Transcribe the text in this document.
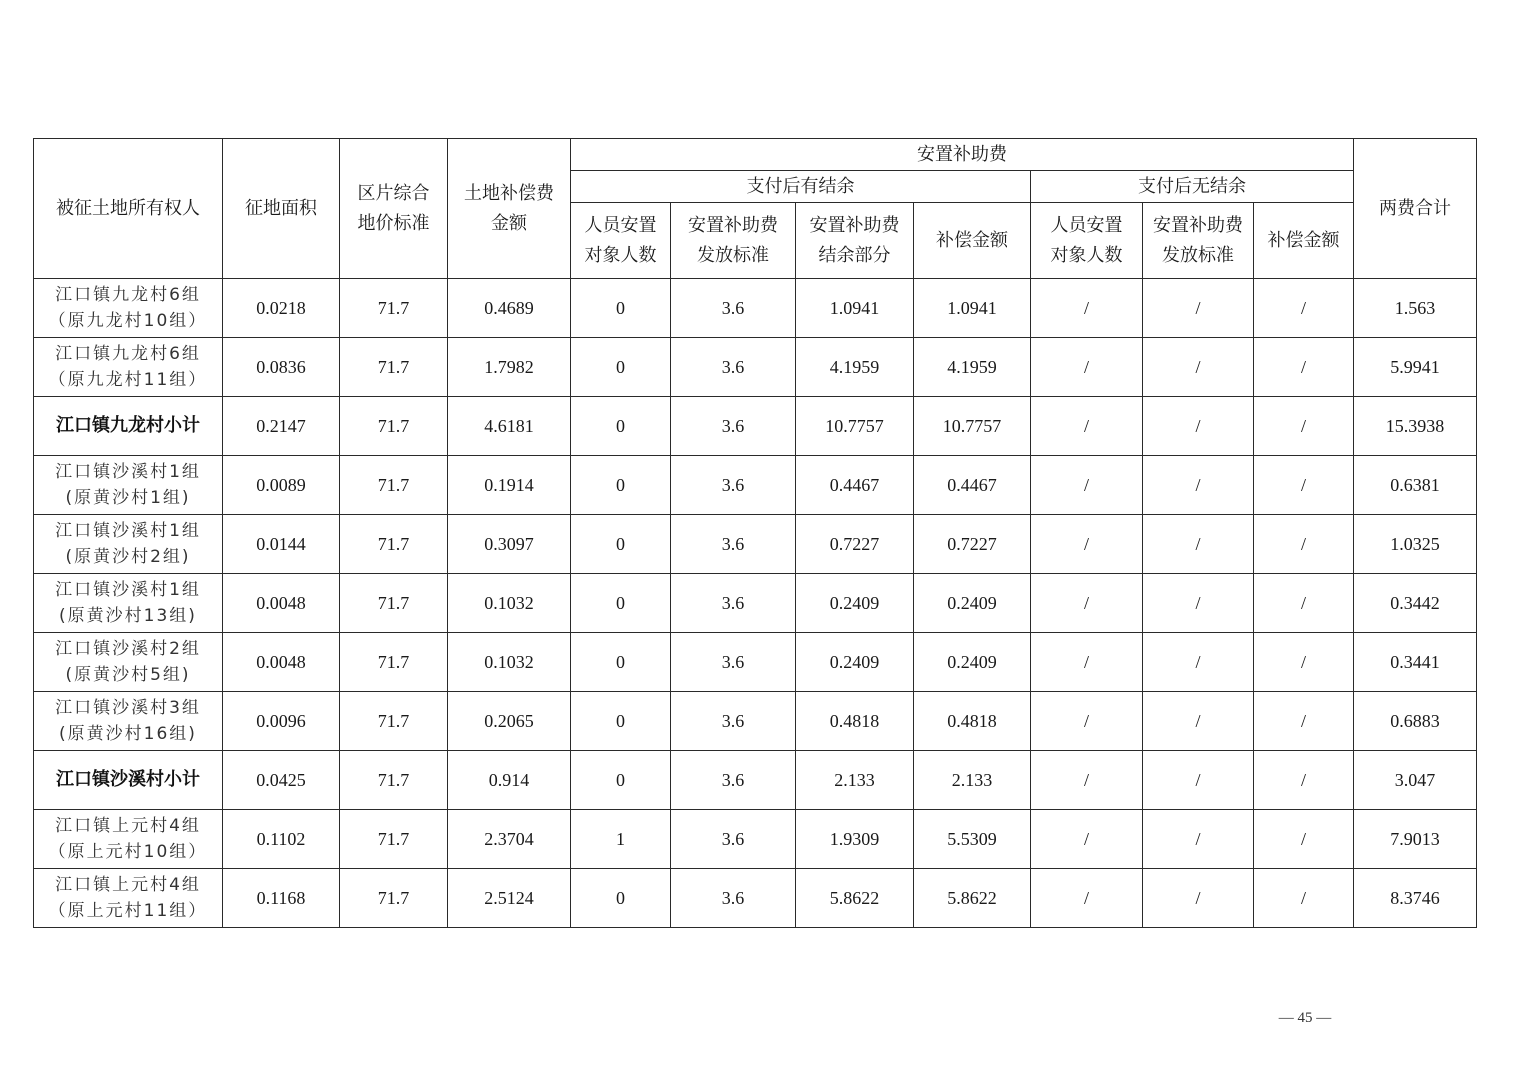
被征土地所有权人	征地面积	区片综合地价标准	土地补偿费金额	安置补助费							两费合计
				支付后有结余				支付后无结余			

				人员安置对象人数	安置补助费发放标准	安置补助费结余部分	补偿金额	人员安置对象人数	安置补助费发放标准	补偿金额	

江口镇九龙村6组
（原九龙村10组）	0.0218	71.7	0.4689	0	3.6	1.0941	1.0941	/	/	/	1.563

江口镇九龙村6组
（原九龙村11组）	0.0836	71.7	1.7982	0	3.6	4.1959	4.1959	/	/	/	5.9941

江口镇九龙村小计	0.2147	71.7	4.6181	0	3.6	10.7757	10.7757	/	/	/	15.3938

江口镇沙溪村1组
(原黄沙村1组)	0.0089	71.7	0.1914	0	3.6	0.4467	0.4467	/	/	/	0.6381

江口镇沙溪村1组
(原黄沙村2组)	0.0144	71.7	0.3097	0	3.6	0.7227	0.7227	/	/	/	1.0325

江口镇沙溪村1组
(原黄沙村13组)	0.0048	71.7	0.1032	0	3.6	0.2409	0.2409	/	/	/	0.3442

江口镇沙溪村2组
(原黄沙村5组)	0.0048	71.7	0.1032	0	3.6	0.2409	0.2409	/	/	/	0.3441

江口镇沙溪村3组
(原黄沙村16组)	0.0096	71.7	0.2065	0	3.6	0.4818	0.4818	/	/	/	0.6883

江口镇沙溪村小计	0.0425	71.7	0.914	0	3.6	2.133	2.133	/	/	/	3.047

江口镇上元村4组
（原上元村10组）	0.1102	71.7	2.3704	1	3.6	1.9309	5.5309	/	/	/	7.9013

江口镇上元村4组
（原上元村11组）	0.1168	71.7	2.5124	0	3.6	5.8622	5.8622	/	/	/	8.3746
— 45 —
